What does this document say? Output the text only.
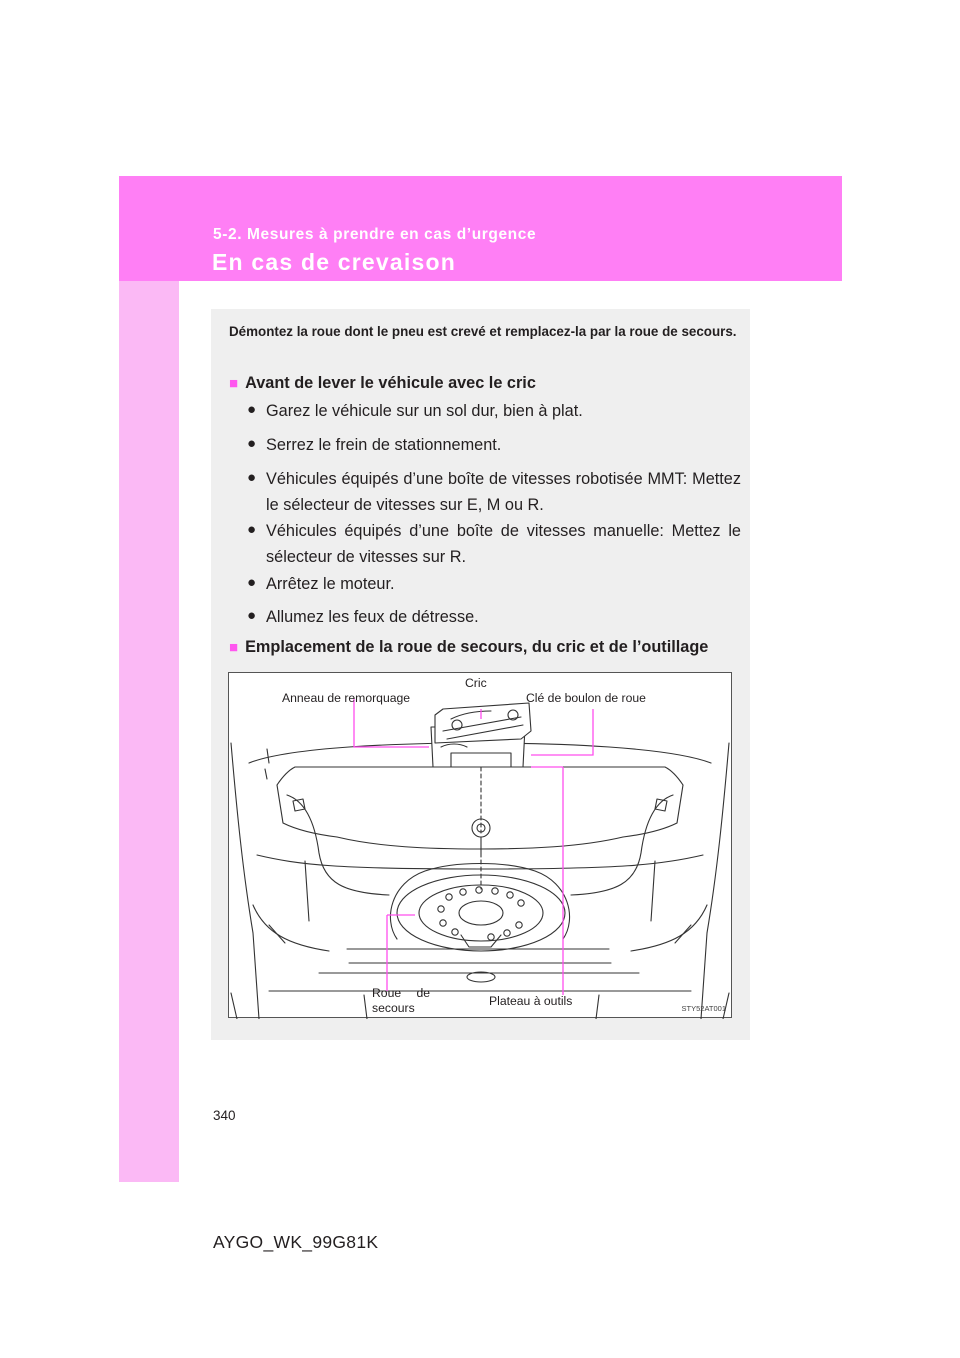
5-2. Mesures à prendre en cas d’urgence
En cas de crevaison
Démontez la roue dont le pneu est crevé et remplacez-la par la roue de secours.
■ Avant de lever le véhicule avec le cric
● Garez le véhicule sur un sol dur, bien à plat.
● Serrez le frein de stationnement.
● Véhicules équipés d’une boîte de vitesses robotisée MMT: Mettez le sélecteur de vitesses sur E, M ou R.
● Véhicules équipés d’une boîte de vitesses manuelle: Mettez le sélecteur de vitesses sur R.
● Arrêtez le moteur.
● Allumez les feux de détresse.
■ Emplacement de la roue de secours, du cric et de l’outillage
Anneau de remorquage
Cric
Clé de boulon de roue
Roue de
secours	Plateau à outils
STY52AT001
340
AYGO_WK_99G81K
